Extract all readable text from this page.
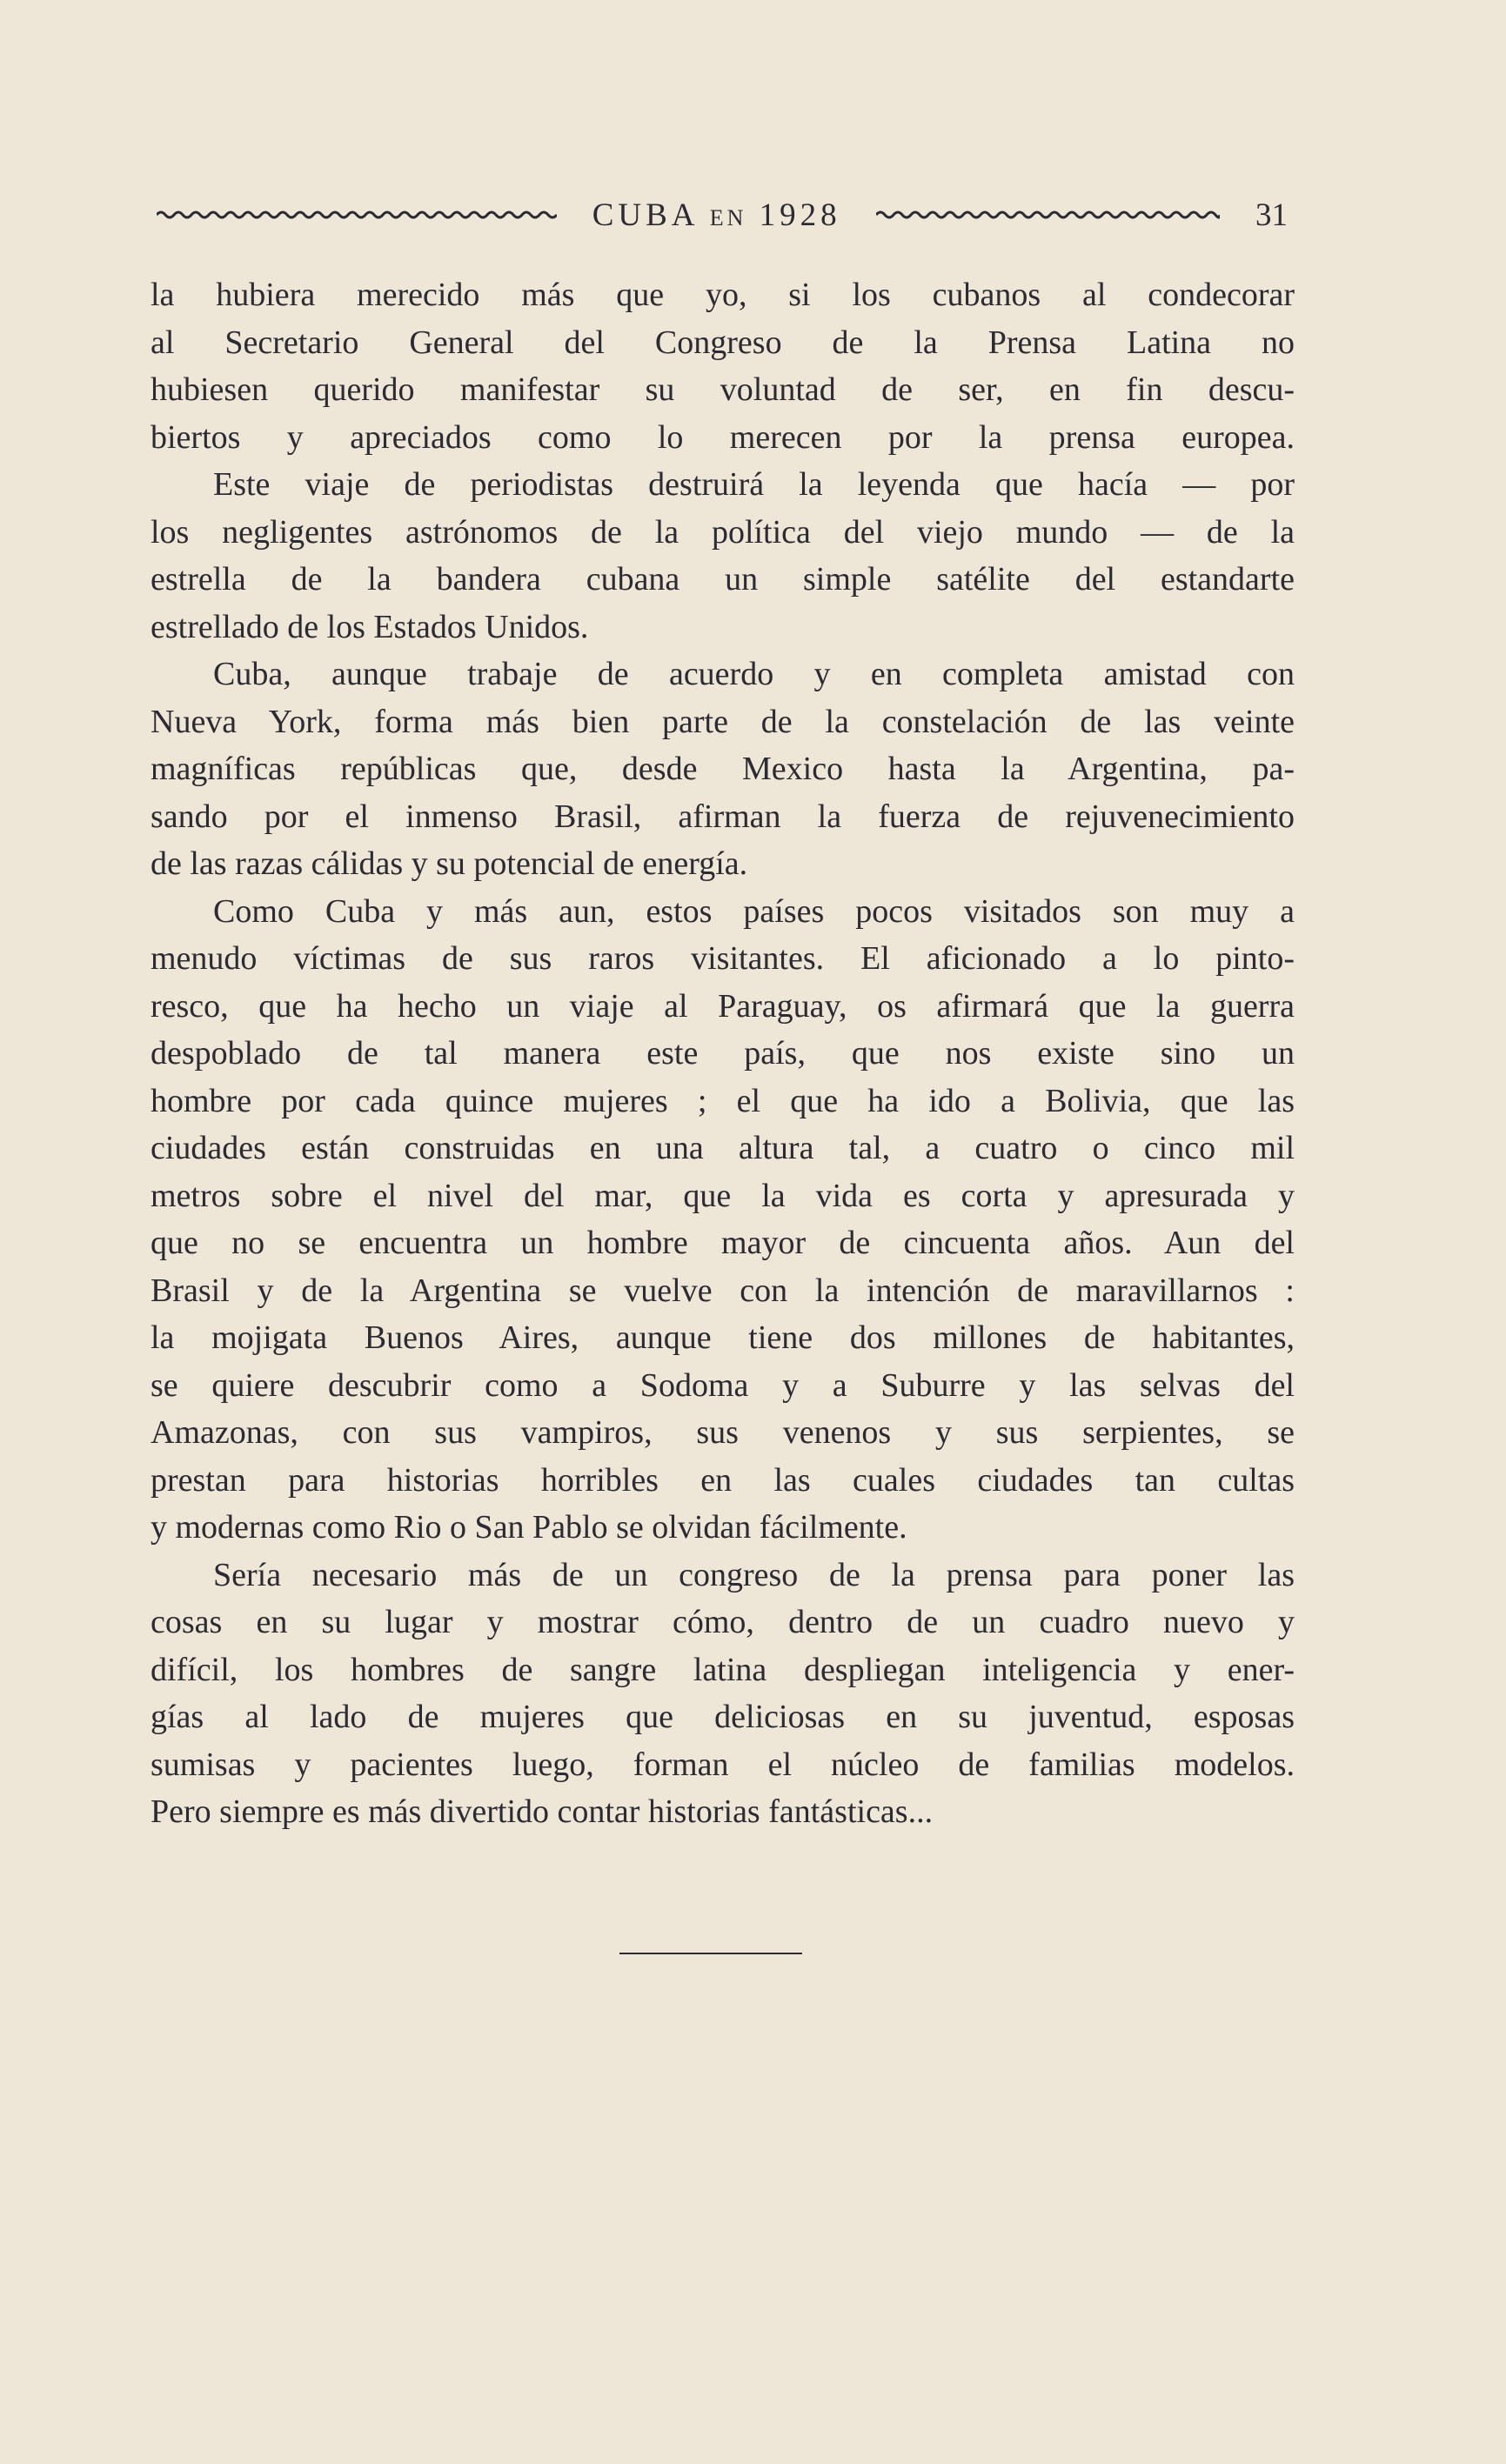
CUBA EN 1928	31
la hubiera merecido más que yo, si los cubanos al condecorar
al Secretario General del Congreso de la Prensa Latina no
hubiesen querido manifestar su voluntad de ser, en fin descu-
biertos y apreciados como lo merecen por la prensa europea.
Este viaje de periodistas destruirá la leyenda que hacía — por
los negligentes astrónomos de la política del viejo mundo — de la
estrella de la bandera cubana un simple satélite del estandarte
estrellado de los Estados Unidos.
Cuba, aunque trabaje de acuerdo y en completa amistad con
Nueva York, forma más bien parte de la constelación de las veinte
magníficas repúblicas que, desde Mexico hasta la Argentina, pa-
sando por el inmenso Brasil, afirman la fuerza de rejuvenecimiento
de las razas cálidas y su potencial de energía.
Como Cuba y más aun, estos países pocos visitados son muy a
menudo víctimas de sus raros visitantes. El aficionado a lo pinto-
resco, que ha hecho un viaje al Paraguay, os afirmará que la guerra
despoblado de tal manera este país, que nos existe sino un
hombre por cada quince mujeres ; el que ha ido a Bolivia, que las
ciudades están construidas en una altura tal, a cuatro o cinco mil
metros sobre el nivel del mar, que la vida es corta y apresurada y
que no se encuentra un hombre mayor de cincuenta años. Aun del
Brasil y de la Argentina se vuelve con la intención de maravillarnos :
la mojigata Buenos Aires, aunque tiene dos millones de habitantes,
se quiere descubrir como a Sodoma y a Suburre y las selvas del
Amazonas, con sus vampiros, sus venenos y sus serpientes, se
prestan para historias horribles en las cuales ciudades tan cultas
y modernas como Rio o San Pablo se olvidan fácilmente.
Sería necesario más de un congreso de la prensa para poner las
cosas en su lugar y mostrar cómo, dentro de un cuadro nuevo y
difícil, los hombres de sangre latina despliegan inteligencia y ener-
gías al lado de mujeres que deliciosas en su juventud, esposas
sumisas y pacientes luego, forman el núcleo de familias modelos.
Pero siempre es más divertido contar historias fantásticas...
